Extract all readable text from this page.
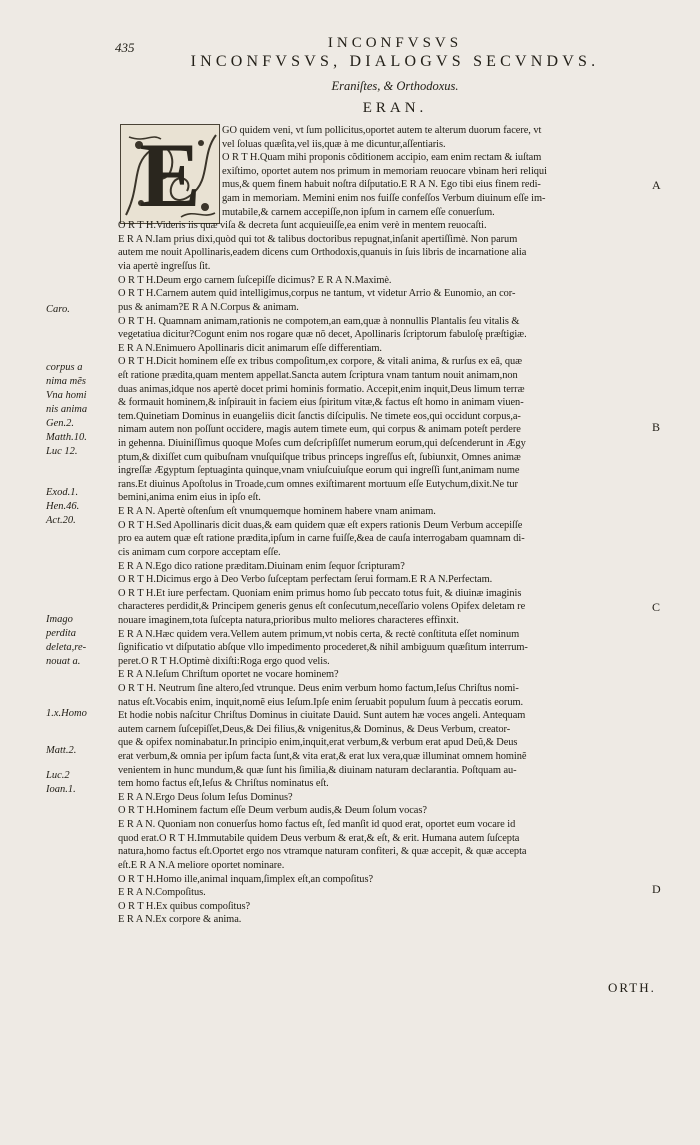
435	INCONFVSVS
INCONFVSVS, DIALOGVS SECVNDVS.
Eraniſtes, & Orthodoxus.
ERAN.
E	GO quidem veni, vt ſum pollicitus,oportet autem te alterum duorum facere, vt
vel ſoluas quæſita,vel iis,quæ à me dicuntur,aſſentiaris.
O R T H.Quam mihi proponis cõditionem accipio, eam enim rectam & iuſtam
exiſtimo, oportet autem nos primum in memoriam reuocare vbinam heri reliqui
mus,& quem finem habuit noſtra diſputatio.E R A N. Ego tibi eius finem redi-
gam in memoriam. Memini enim nos fuiſſe confeſſos Verbum diuinum eſſe im-
mutabile,& carnem accepiſſe,non ipſum in carnem eſſe conuerſum.
O R T H.Videris iis quæ viſa & decreta ſunt acquieuiſſe,ea enim verè in mentem reuocaſti.
E R A N.Iam prius dixi,quòd qui tot & talibus doctoribus repugnat,inſanit apertiſſimè. Non parum
autem me nouit Apollinaris,eadem dicens cum Orthodoxis,quanuis in ſuis libris de incarnatione alia
via apertè ingreſſus ſit.
O R T H.Deum ergo carnem ſuſcepiſſe dicimus? E R A N.Maximè.
O R T H.Carnem autem quid intelligimus,corpus ne tantum, vt videtur Arrio & Eunomio, an cor-
pus & animam?E R A N.Corpus & animam.
O R T H. Quamnam animam,rationis ne compotem,an eam,quæ à nonnullis Plantalis ſeu vitalis &
vegetatiua dicitur?Cogunt enim nos rogare quæ nõ decet, Apollinaris ſcriptorum fabuloſę præſtigiæ.
E R A N.Enimuero Apollinaris dicit animarum eſſe differentiam.
O R T H.Dicit hominem eſſe ex tribus compoſitum,ex corpore, & vitali anima, & rurſus ex eâ, quæ
eſt ratione prædita,quam mentem appellat.Sancta autem ſcriptura vnam tantum nouit animam,non
duas animas,idque nos apertè docet primi hominis formatio. Accepit,enim inquit,Deus limum terræ
& formauit hominem,& inſpirauit in faciem eius ſpiritum vitæ,& factus eſt homo in animam viuen-
tem.Quinetiam Dominus in euangeliis dicit ſanctis diſcipulis. Ne timete eos,qui occidunt corpus,a-
nimam autem non poſſunt occidere, magis autem timete eum, qui corpus & animam poteſt perdere
in gehenna. Diuiniſſimus quoque Moſes cum deſcripſiſſet numerum eorum,qui deſcenderunt in Ægy
ptum,& dixiſſet cum quibuſnam vnuſquiſque tribus princeps ingreſſus eſt, ſubiunxit, Omnes animæ
ingreſſæ Ægyptum ſeptuaginta quinque,vnam vniuſcuiuſque eorum qui ingreſſi ſunt,animam nume
rans.Et diuinus Apoſtolus in Troade,cum omnes exiſtimarent mortuum eſſe Eutychum,dixit.Ne tur
bemini,anima enim eius in ipſo eſt.
E R A N. Apertè oſtenſum eſt vnumquemque hominem habere vnam animam.
O R T H.Sed Apollinaris dicit duas,& eam quidem quæ eſt expers rationis Deum Verbum accepiſſe
pro ea autem quæ eſt ratione prædita,ipſum in carne fuiſſe,&ea de cauſa interrogabam quamnam di-
cis animam cum corpore acceptam eſſe.
E R A N.Ego dico ratione præditam.Diuinam enim ſequor ſcripturam?
O R T H.Dicimus ergo à Deo Verbo ſuſceptam perfectam ſerui formam.E R A N.Perfectam.
O R T H.Et iure perfectam. Quoniam enim primus homo ſub peccato totus fuit, & diuinæ imaginis
characteres perdidit,& Principem generis genus eſt conſecutum,neceſſario volens Opifex deletam re
nouare imaginem,tota ſuſcepta natura,prioribus multo meliores characteres effinxit.
E R A N.Hæc quidem vera.Vellem autem primum,vt nobis certa, & rectè conſtituta eſſet nominum
ſignificatio vt diſputatio abſque vllo impedimento procederet,& nihil ambiguum quæſitum interrum-
peret.O R T H.Optimè dixiſti:Roga ergo quod velis.
E R A N.Ieſum Chriſtum oportet ne vocare hominem?
O R T H. Neutrum ſine altero,ſed vtrunque. Deus enim verbum homo factum,Ieſus Chriſtus nomi-
natus eſt.Vocabis enim, inquit,nomẽ eius Ieſum.Ipſe enim ſeruabit populum ſuum à peccatis eorum.
Et hodie nobis naſcitur Chriſtus Dominus in ciuitate Dauid. Sunt autem hæ voces angeli. Antequam
autem carnem ſuſcepiſſet,Deus,& Dei filius,& vnigenitus,& Dominus, & Deus Verbum, creator-
que & opifex nominabatur.In principio enim,inquit,erat verbum,& verbum erat apud Deũ,& Deus
erat verbum,& omnia per ipſum facta ſunt,& vita erat,& erat lux vera,quæ illuminat omnem hominẽ
venientem in hunc mundum,& quæ ſunt his ſimilia,& diuinam naturam declarantia. Poſtquam au-
tem homo factus eſt,Ieſus & Chriſtus nominatus eſt.
E R A N.Ergo Deus ſolum Ieſus Dominus?
O R T H.Hominem factum eſſe Deum verbum audis,& Deum ſolum vocas?
E R A N. Quoniam non conuerſus homo factus eſt, ſed manſit id quod erat, oportet eum vocare id
quod erat.O R T H.Immutabile quidem Deus verbum & erat,& eſt, & erit. Humana autem ſuſcepta
natura,homo factus eſt.Oportet ergo nos vtramque naturam confiteri, & quæ accepit, & quæ accepta
eſt.E R A N.A meliore oportet nominare.
O R T H.Homo ille,animal inquam,ſimplex eſt,an compoſitus?
E R A N.Compoſitus.
O R T H.Ex quibus compoſitus?
E R A N.Ex corpore & anima.
Caro.
corpus a
nima mẽs
Vna homi
nis anima
Gen.2.
Matth.10.
Luc 12.
Exod.1.
Hen.46.
Act.20.
Imago
perdita
deleta,re-
nouat a.
1.x.Homo
Matt.2.
Luc.2
Ioan.1.
A
B
C
D
ORTH.
